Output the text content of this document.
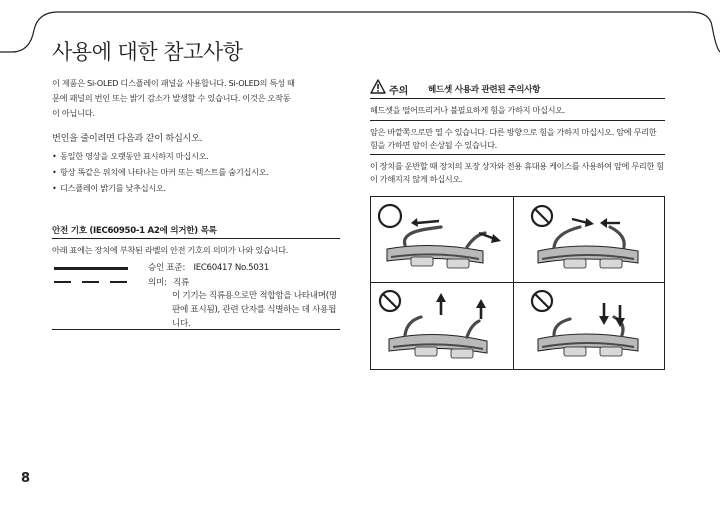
사용에 대한 참고사항
이 제품은 Si-OLED 디스플레이 패널을 사용합니다. Si-OLED의 특성 때
문에 패널의 번인 또는 밝기 감소가 발생할 수 있습니다. 이것은 오작동
이 아닙니다.
번인을 줄이려면 다음과 같이 하십시오.
• 동일한 영상을 오랫동안 표시하지 마십시오.
• 항상 똑같은 위치에 나타나는 마커 또는 텍스트를 숨기십시오.
• 디스플레이 밝기를 낮추십시오.
안전 기호 (IEC60950-1 A2에 의거한) 목록
아래 표에는 장치에 부착된 라벨의 안전 기호의 의미가 나와 있습니다.
승인 표준: IEC60417 No.5031
의미: 직류
이 기기는 직류용으로만 적합함을 나타내며(명판에 표시됨), 관련 단자를 식별하는 데 사용됩니다.
주의 헤드셋 사용과 관련된 주의사항
헤드셋을 떨어뜨리거나 불필요하게 힘을 가하지 마십시오.
암은 바깥쪽으로만 열 수 있습니다. 다른 방향으로 힘을 가하지 마십시오. 암에 무리한 힘을 가하면 암이 손상될 수 있습니다.
이 장치를 운반할 때 장치의 포장 상자와 전용 휴대용 케이스를 사용하여 암에 무리한 힘이 가해지지 않게 하십시오.
8
